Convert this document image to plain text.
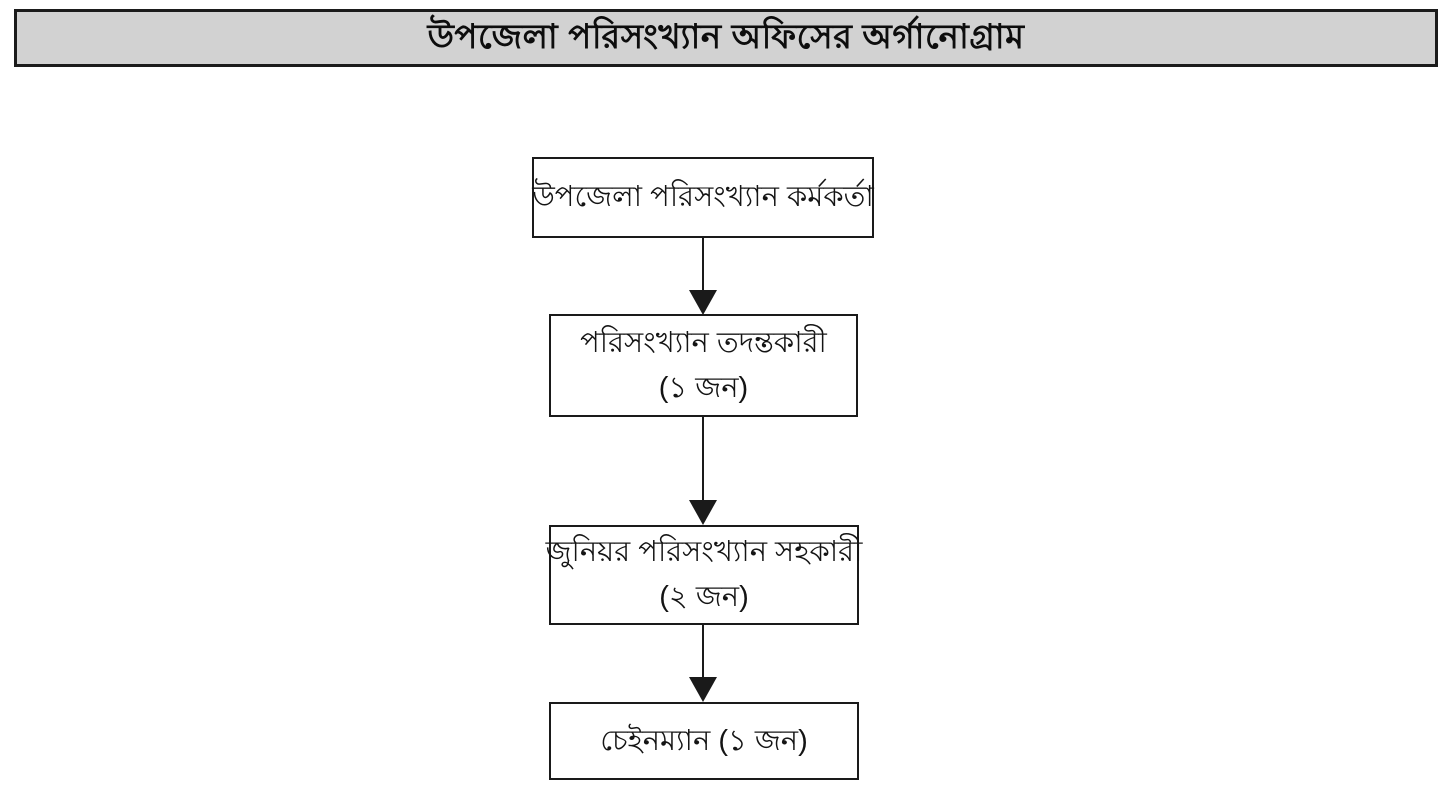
উপজেলা পরিসংখ্যান অফিসের অর্গানোগ্রাম
উপজেলা পরিসংখ্যান কর্মকর্তা
পরিসংখ্যান তদন্তকারী
(১ জন)
জুনিয়র পরিসংখ্যান সহকারী
(২ জন)
চেইনম্যান (১ জন)
